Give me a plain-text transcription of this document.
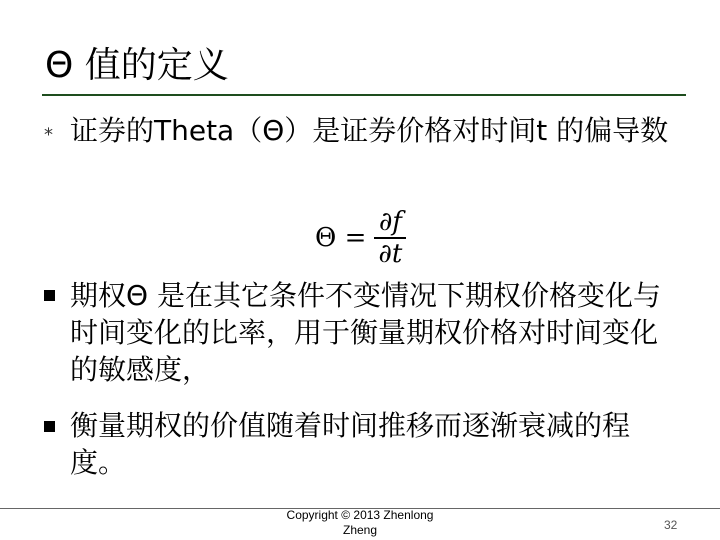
Θ 值的定义
⁎ 证券的Theta（Θ）是证券价格对时间t 的偏导数
$\Theta = \frac{\partial f}{\partial t}$
期权Θ 是在其它条件不变情况下期权价格变化与时间变化的比率，用于衡量期权价格对时间变化的敏感度，
衡量期权的价值随着时间推移而逐渐衰减的程度。
Copyright © 2013 Zhenlong Zheng	32
